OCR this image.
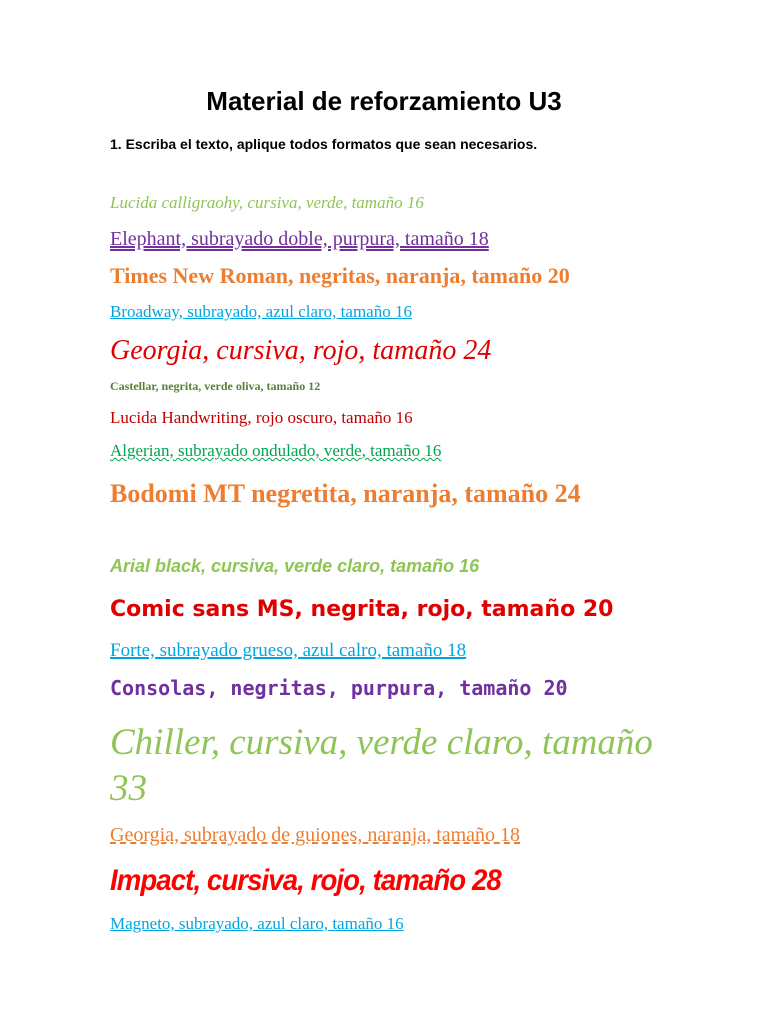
Material de reforzamiento U3
1. Escriba el texto, aplique todos formatos que sean necesarios.
Lucida calligraohy, cursiva, verde, tamaño 16
Elephant, subrayado doble, purpura, tamaño 18
Times New Roman, negritas, naranja, tamaño 20
Broadway, subrayado, azul claro, tamaño 16
Georgia, cursiva, rojo, tamaño 24
Castellar, negrita, verde oliva, tamaño 12
Lucida Handwriting, rojo oscuro, tamaño 16
Algerian, subrayado ondulado, verde, tamaño 16
Bodomi MT negretita, naranja, tamaño 24
Arial black, cursiva, verde claro, tamaño 16
Comic sans MS, negrita, rojo, tamaño 20
Forte, subrayado grueso, azul calro, tamaño 18
Consolas, negritas, purpura, tamaño 20
Chiller, cursiva, verde claro, tamaño 33
Georgia, subrayado de guiones, naranja, tamaño 18
Impact, cursiva, rojo, tamaño 28
Magneto, subrayado, azul claro, tamaño 16
